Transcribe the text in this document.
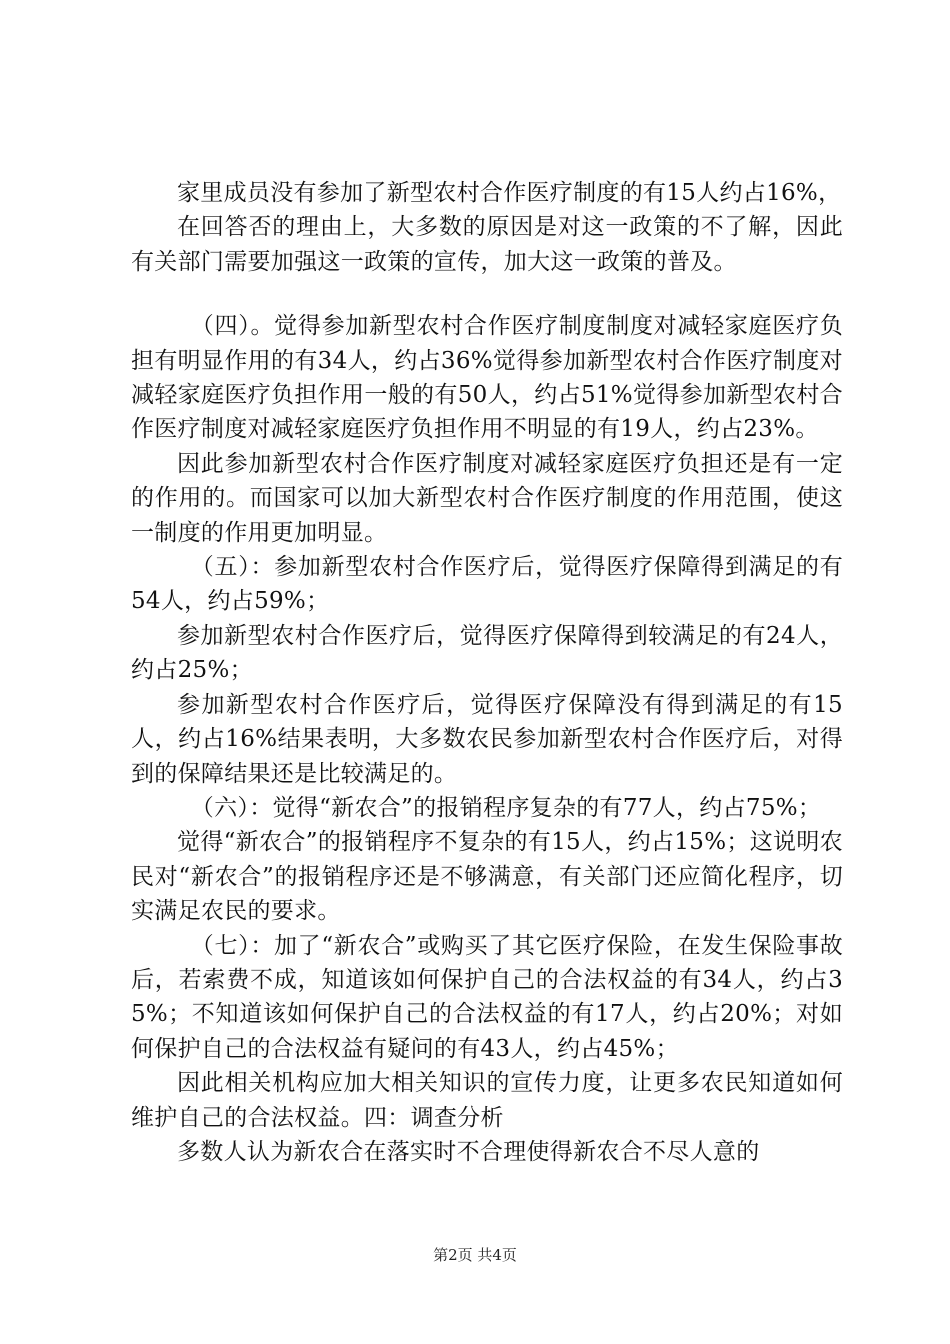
家里成员没有参加了新型农村合作医疗制度的有15人约占16%，

在回答否的理由上，大多数的原因是对这一政策的不了解，因此有关部门需要加强这一政策的宣传，加大这一政策的普及。

（四）。觉得参加新型农村合作医疗制度制度对减轻家庭医疗负担有明显作用的有34人，约占36%觉得参加新型农村合作医疗制度对减轻家庭医疗负担作用一般的有50人，约占51%觉得参加新型农村合作医疗制度对减轻家庭医疗负担作用不明显的有19人，约占23%。

因此参加新型农村合作医疗制度对减轻家庭医疗负担还是有一定的作用的。而国家可以加大新型农村合作医疗制度的作用范围，使这一制度的作用更加明显。

（五）：参加新型农村合作医疗后，觉得医疗保障得到满足的有54人，约占59%；

参加新型农村合作医疗后，觉得医疗保障得到较满足的有24人，约占25%；

参加新型农村合作医疗后，觉得医疗保障没有得到满足的有15人，约占16%结果表明，大多数农民参加新型农村合作医疗后，对得到的保障结果还是比较满足的。

（六）：觉得“新农合”的报销程序复杂的有77人，约占75%；

觉得“新农合”的报销程序不复杂的有15人，约占15%；这说明农民对“新农合”的报销程序还是不够满意，有关部门还应简化程序，切实满足农民的要求。

（七）：加了“新农合”或购买了其它医疗保险，在发生保险事故后，若索费不成，知道该如何保护自己的合法权益的有34人，约占35%；不知道该如何保护自己的合法权益的有17人，约占20%；对如何保护自己的合法权益有疑问的有43人，约占45%；

因此相关机构应加大相关知识的宣传力度，让更多农民知道如何维护自己的合法权益。四：调查分析

多数人认为新农合在落实时不合理使得新农合不尽人意的

第2页 共4页
